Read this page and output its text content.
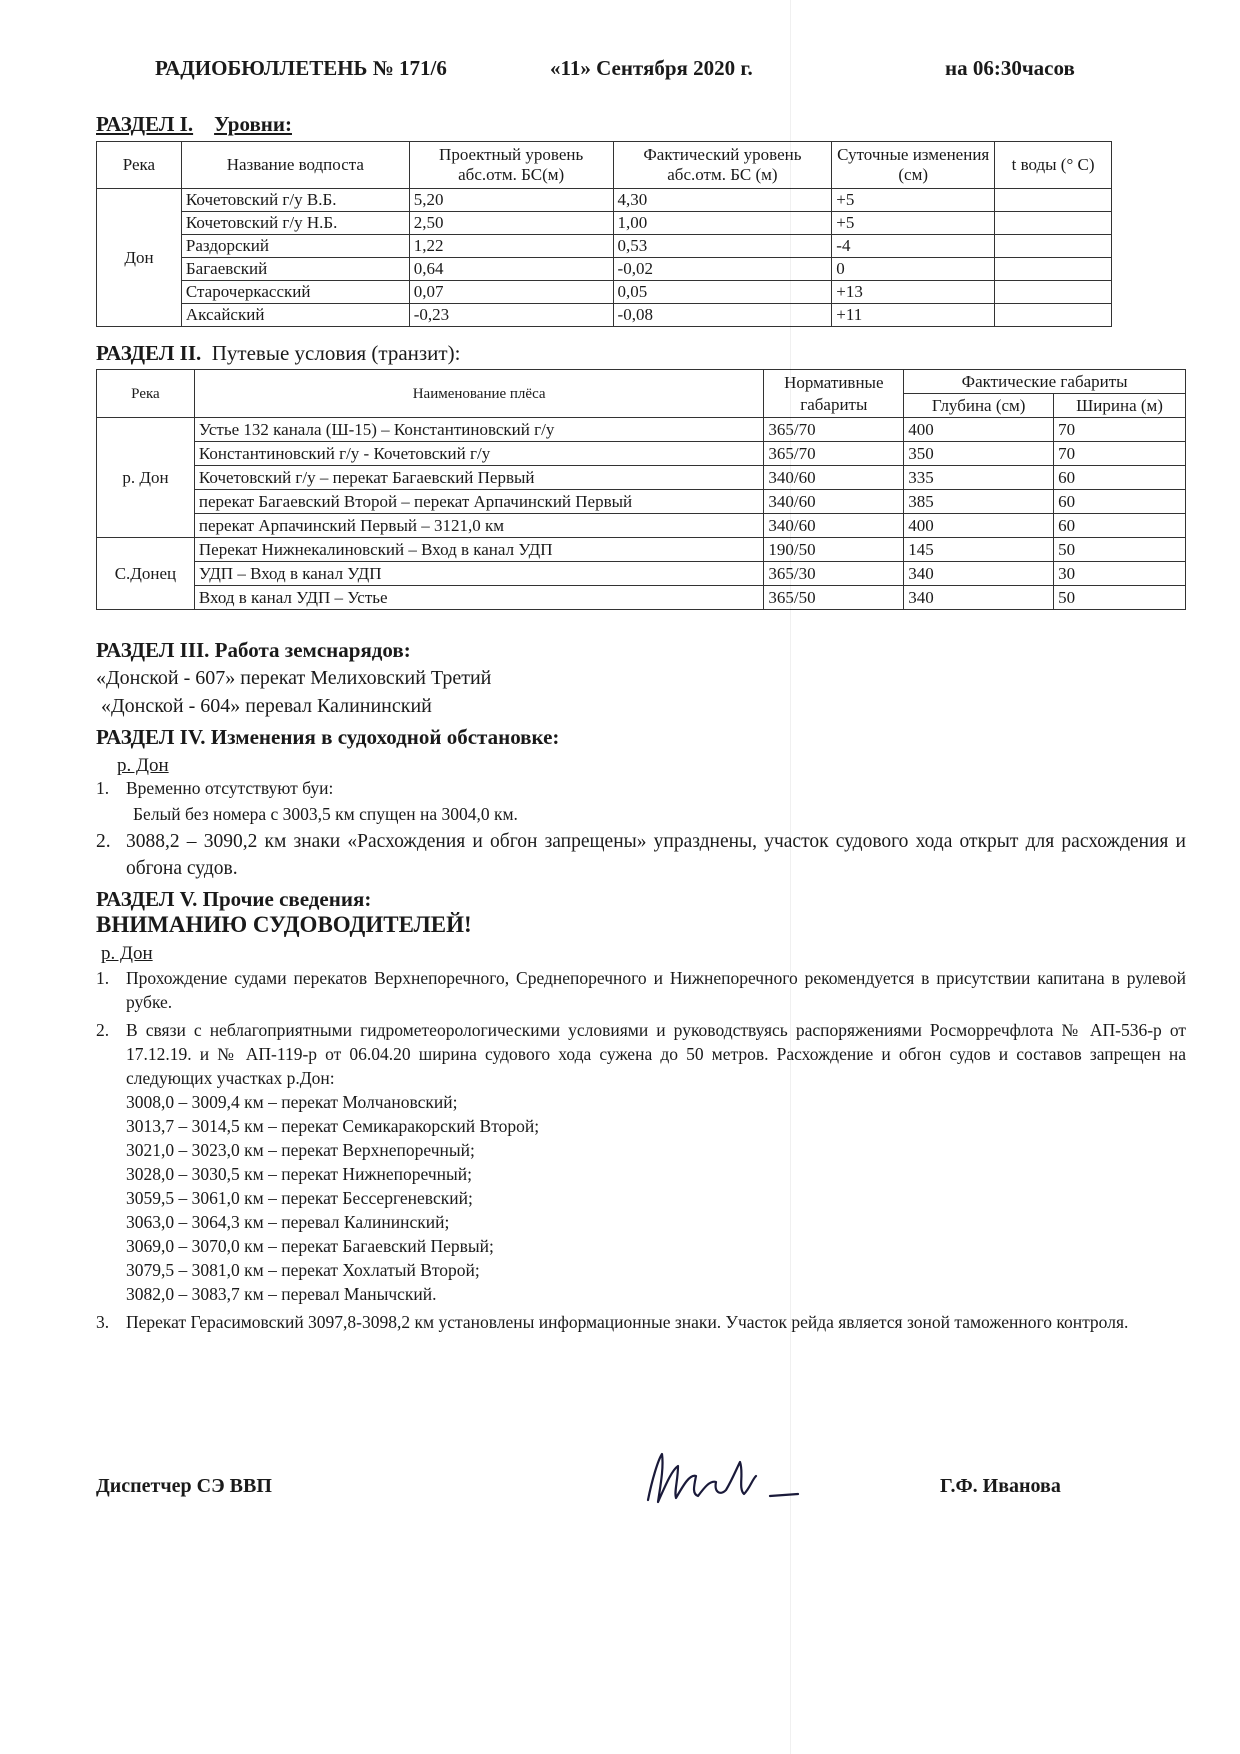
РАДИОБЮЛЛЕТЕНЬ № 171/6	«11» Сентября 2020 г.	на 06:30часов
РАЗДЕЛ I. Уровни:
Река	Название водпоста	Проектный уровень абс.отм. БС(м)	Фактический уровень абс.отм. БС (м)	Суточные изменения (см)	t воды (° С)
Дон	Кочетовский г/у В.Б.	5,20	4,30	+5	
	Кочетовский г/у Н.Б.	2,50	1,00	+5	
	Раздорский	1,22	0,53	-4	
	Багаевский	0,64	-0,02	0	
	Старочеркасский	0,07	0,05	+13	
	Аксайский	-0,23	-0,08	+11	
РАЗДЕЛ II. Путевые условия (транзит):
Река	Наименование плёса	Нормативные габариты	Фактические габариты	
			Глубина (см)	Ширина (м)
р. Дон	Устье 132 канала (Ш-15) – Константиновский г/у	365/70	400	70
	Константиновский г/у - Кочетовский г/у	365/70	350	70
	Кочетовский г/у – перекат Багаевский Первый	340/60	335	60
	перекат Багаевский Второй – перекат Арпачинский Первый	340/60	385	60
	перекат Арпачинский Первый – 3121,0 км	340/60	400	60
С.Донец	Перекат Нижнекалиновский – Вход в канал УДП	190/50	145	50
	УДП – Вход в канал УДП	365/30	340	30
	Вход в канал УДП – Устье	365/50	340	50
РАЗДЕЛ III. Работа земснарядов:
«Донской - 607» перекат Мелиховский Третий
«Донской - 604» перевал Калининский
РАЗДЕЛ IV. Изменения в судоходной обстановке:
р. Дон
1. Временно отсутствуют буи:
Белый без номера с 3003,5 км спущен на 3004,0 км.
2. 3088,2 – 3090,2 км знаки «Расхождения и обгон запрещены» упразднены, участок судового хода открыт для расхождения и обгона судов.
РАЗДЕЛ V. Прочие сведения:
ВНИМАНИЮ СУДОВОДИТЕЛЕЙ!
р. Дон
1. Прохождение судами перекатов Верхнепоречного, Среднепоречного и Нижнепоречного рекомендуется в присутствии капитана в рулевой рубке.
2. В связи с неблагоприятными гидрометеорологическими условиями и руководствуясь распоряжениями Росморречфлота № АП-536-р от 17.12.19. и № АП-119-р от 06.04.20 ширина судового хода сужена до 50 метров. Расхождение и обгон судов и составов запрещен на следующих участках р.Дон:
3008,0 – 3009,4 км – перекат Молчановский;
3013,7 – 3014,5 км – перекат Семикаракорский Второй;
3021,0 – 3023,0 км – перекат Верхнепоречный;
3028,0 – 3030,5 км – перекат Нижнепоречный;
3059,5 – 3061,0 км – перекат Бессергеневский;
3063,0 – 3064,3 км – перевал Калининский;
3069,0 – 3070,0 км – перекат Багаевский Первый;
3079,5 – 3081,0 км – перекат Хохлатый Второй;
3082,0 – 3083,7 км – перевал Манычский.
3. Перекат Герасимовский 3097,8-3098,2 км установлены информационные знаки. Участок рейда является зоной таможенного контроля.
Диспетчер СЭ ВВП	Г.Ф. Иванова
